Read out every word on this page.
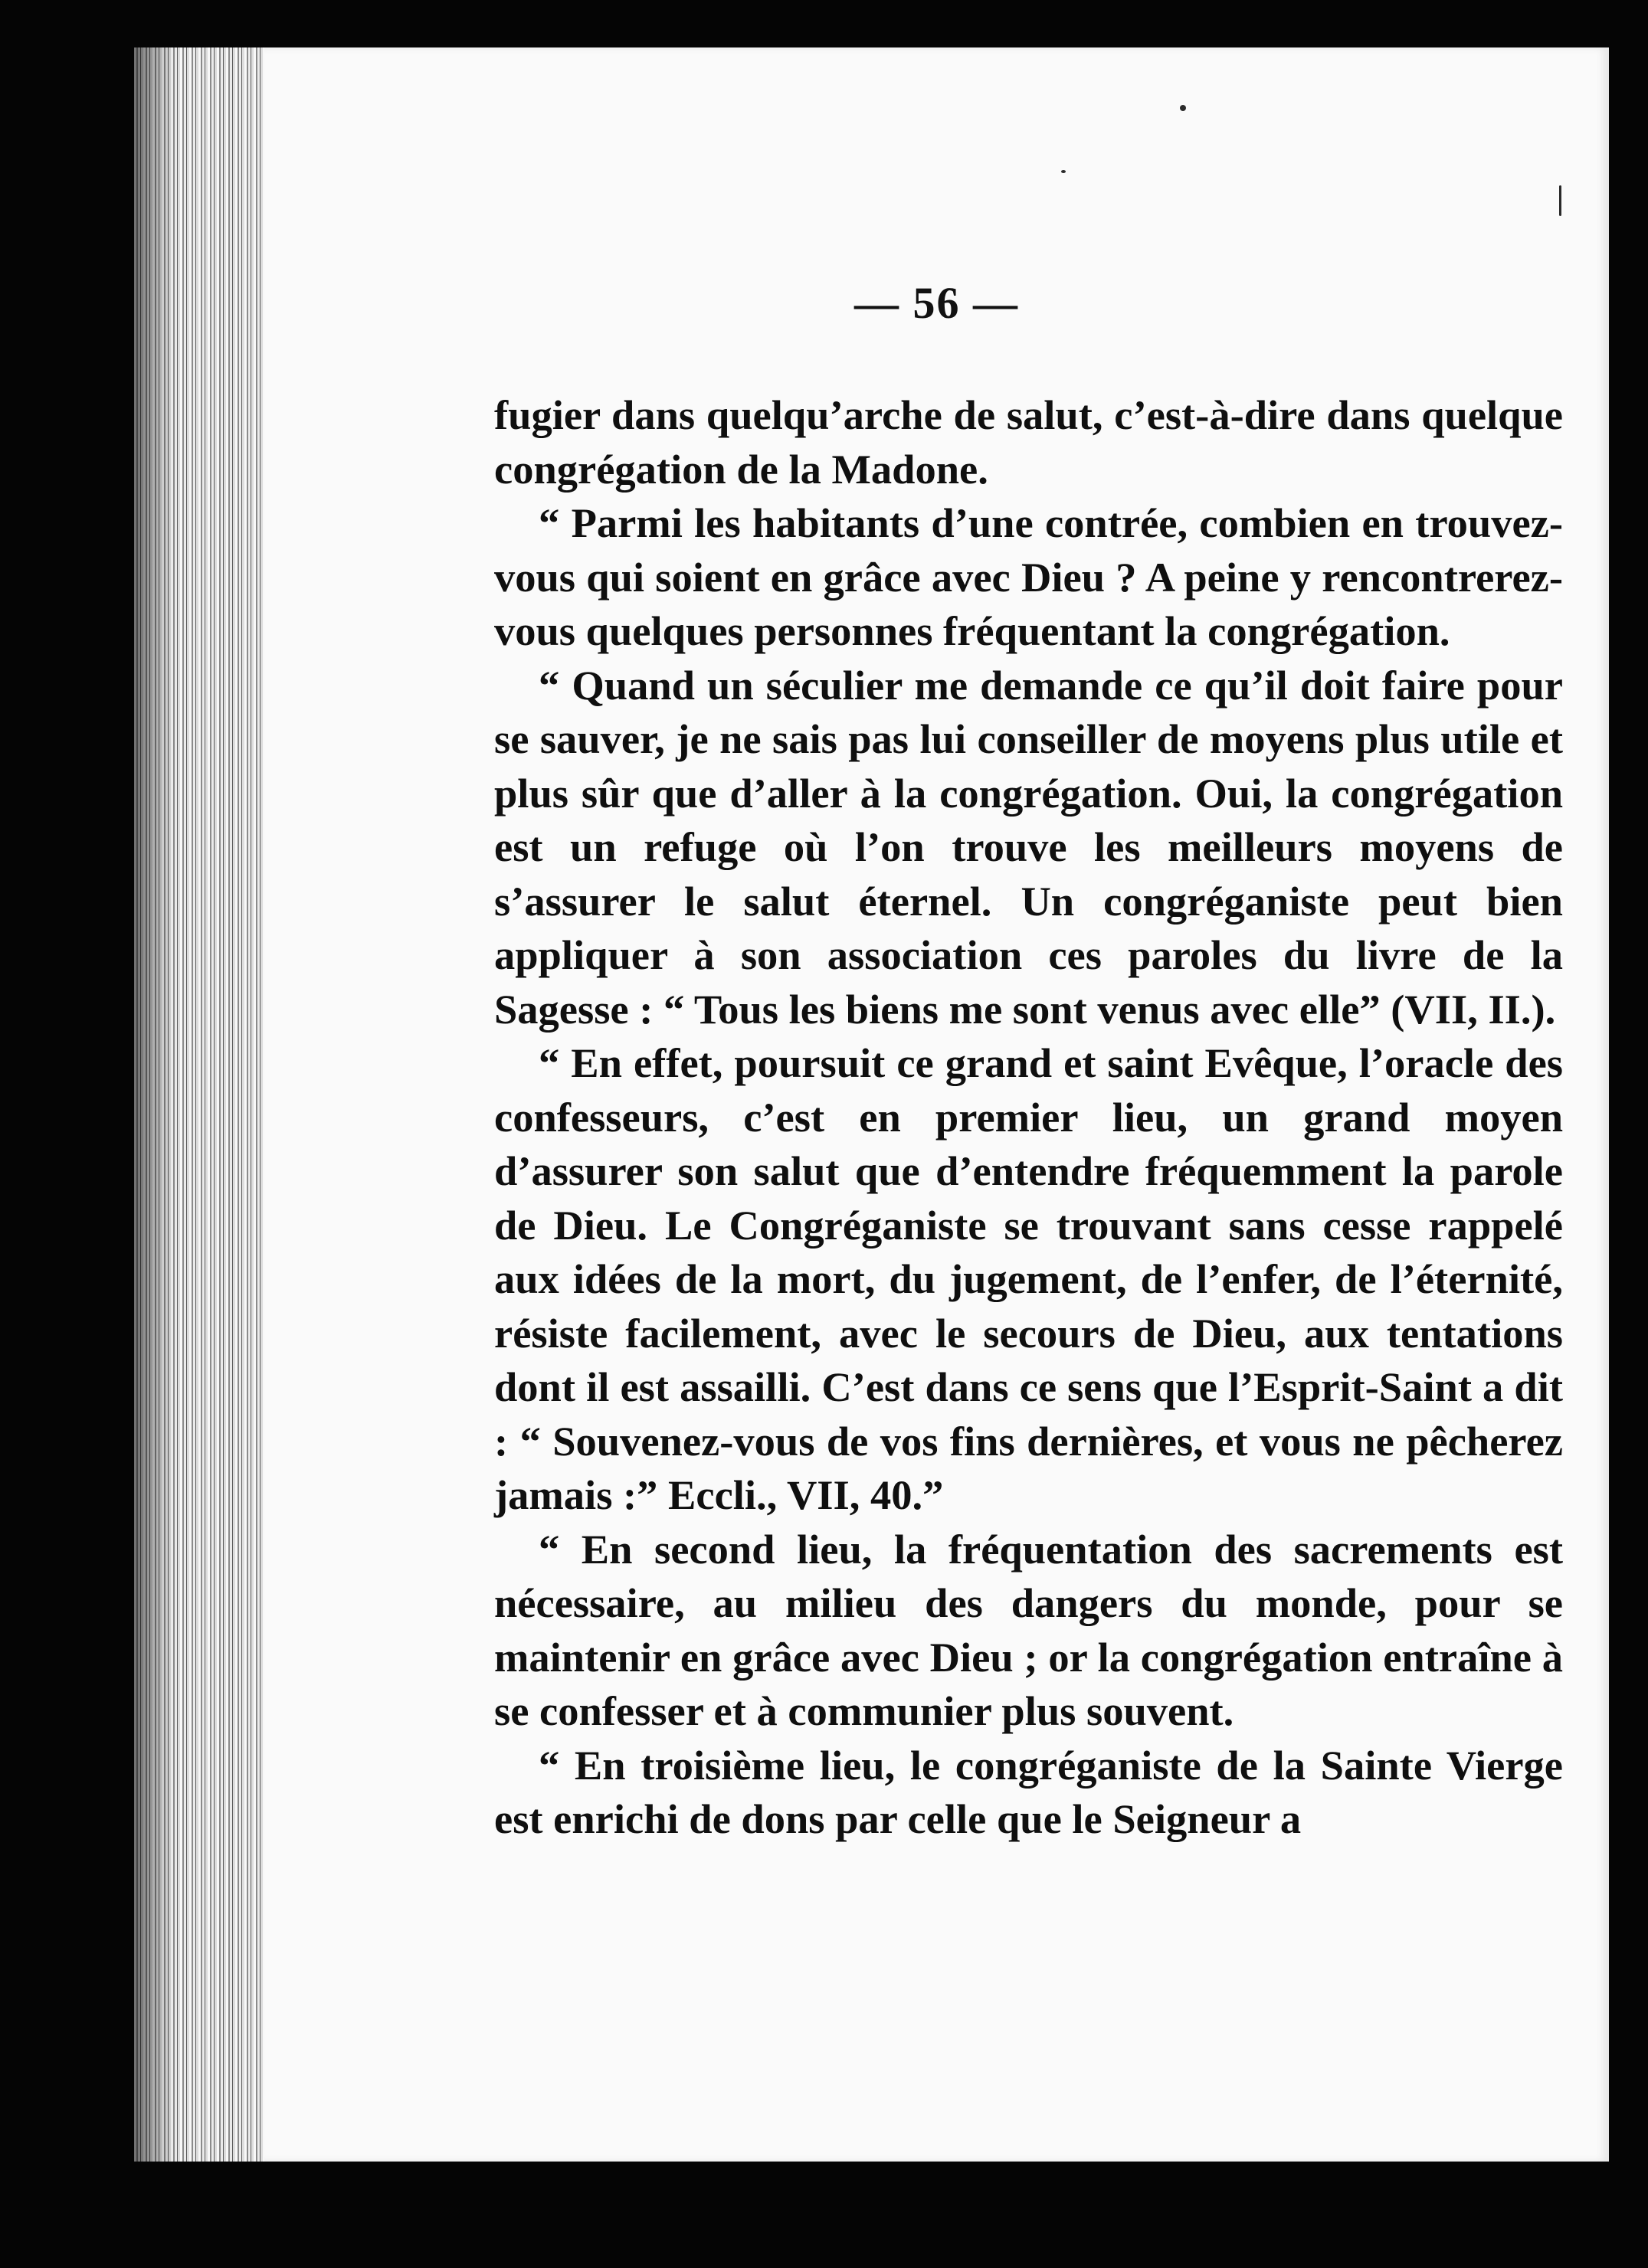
— 56 —

fugier dans quelqu’arche de salut, c’est-à-dire dans quelque congrégation de la Madone.

“ Parmi les habitants d’une contrée, combien en trouvez-vous qui soient en grâce avec Dieu ? A peine y rencontrerez-vous quelques personnes fréquentant la congrégation.

“ Quand un séculier me demande ce qu’il doit faire pour se sauver, je ne sais pas lui conseiller de moyens plus utile et plus sûr que d’aller à la congrégation. Oui, la congrégation est un refuge où l’on trouve les meilleurs moyens de s’assurer le salut éternel. Un congréganiste peut bien appliquer à son association ces paroles du livre de la Sagesse : “ Tous les biens me sont venus avec elle” (VII, II.).

“ En effet, poursuit ce grand et saint Evêque, l’oracle des confesseurs, c’est en premier lieu, un grand moyen d’assurer son salut que d’entendre fréquemment la parole de Dieu. Le Congréganiste se trouvant sans cesse rappelé aux idées de la mort, du jugement, de l’enfer, de l’éternité, résiste facilement, avec le secours de Dieu, aux tentations dont il est assailli. C’est dans ce sens que l’Esprit-Saint a dit : “ Souvenez-vous de vos fins dernières, et vous ne pêcherez jamais :” Eccli., VII, 40.”

“ En second lieu, la fréquentation des sacrements est nécessaire, au milieu des dangers du monde, pour se maintenir en grâce avec Dieu ; or la congrégation entraîne à se confesser et à communier plus souvent.

“ En troisième lieu, le congréganiste de la Sainte Vierge est enrichi de dons par celle que le Seigneur a
